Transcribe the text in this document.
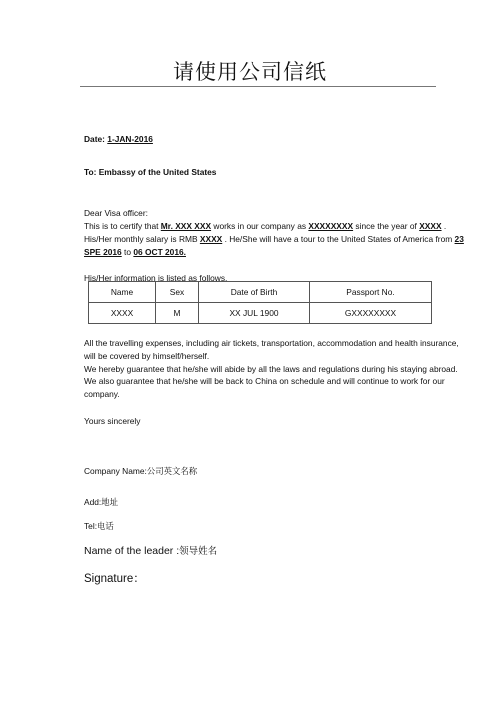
请使用公司信纸
Date: 1-JAN-2016
To: Embassy of the United States
Dear Visa officer:
This is to certify that Mr. XXX XXX works in our company as XXXXXXXX since the year of XXXX .
His/Her monthly salary is RMB XXXX . He/She will have a tour to the United States of America from 23
SPE 2016 to 06 OCT 2016.
His/Her information is listed as follows,
Name	Sex	Date of Birth	Passport No.
XXXX	M	XX JUL 1900	GXXXXXXXX
All the travelling expenses, including air tickets, transportation, accommodation and health insurance,
will be covered by himself/herself.
We hereby guarantee that he/she will abide by all the laws and regulations during his staying abroad.
We also guarantee that he/she will be back to China on schedule and will continue to work for our
company.
Yours sincerely
Company Name:公司英文名称
Add:地址
Tel:电话
Name of the leader :领导姓名
Signature：
